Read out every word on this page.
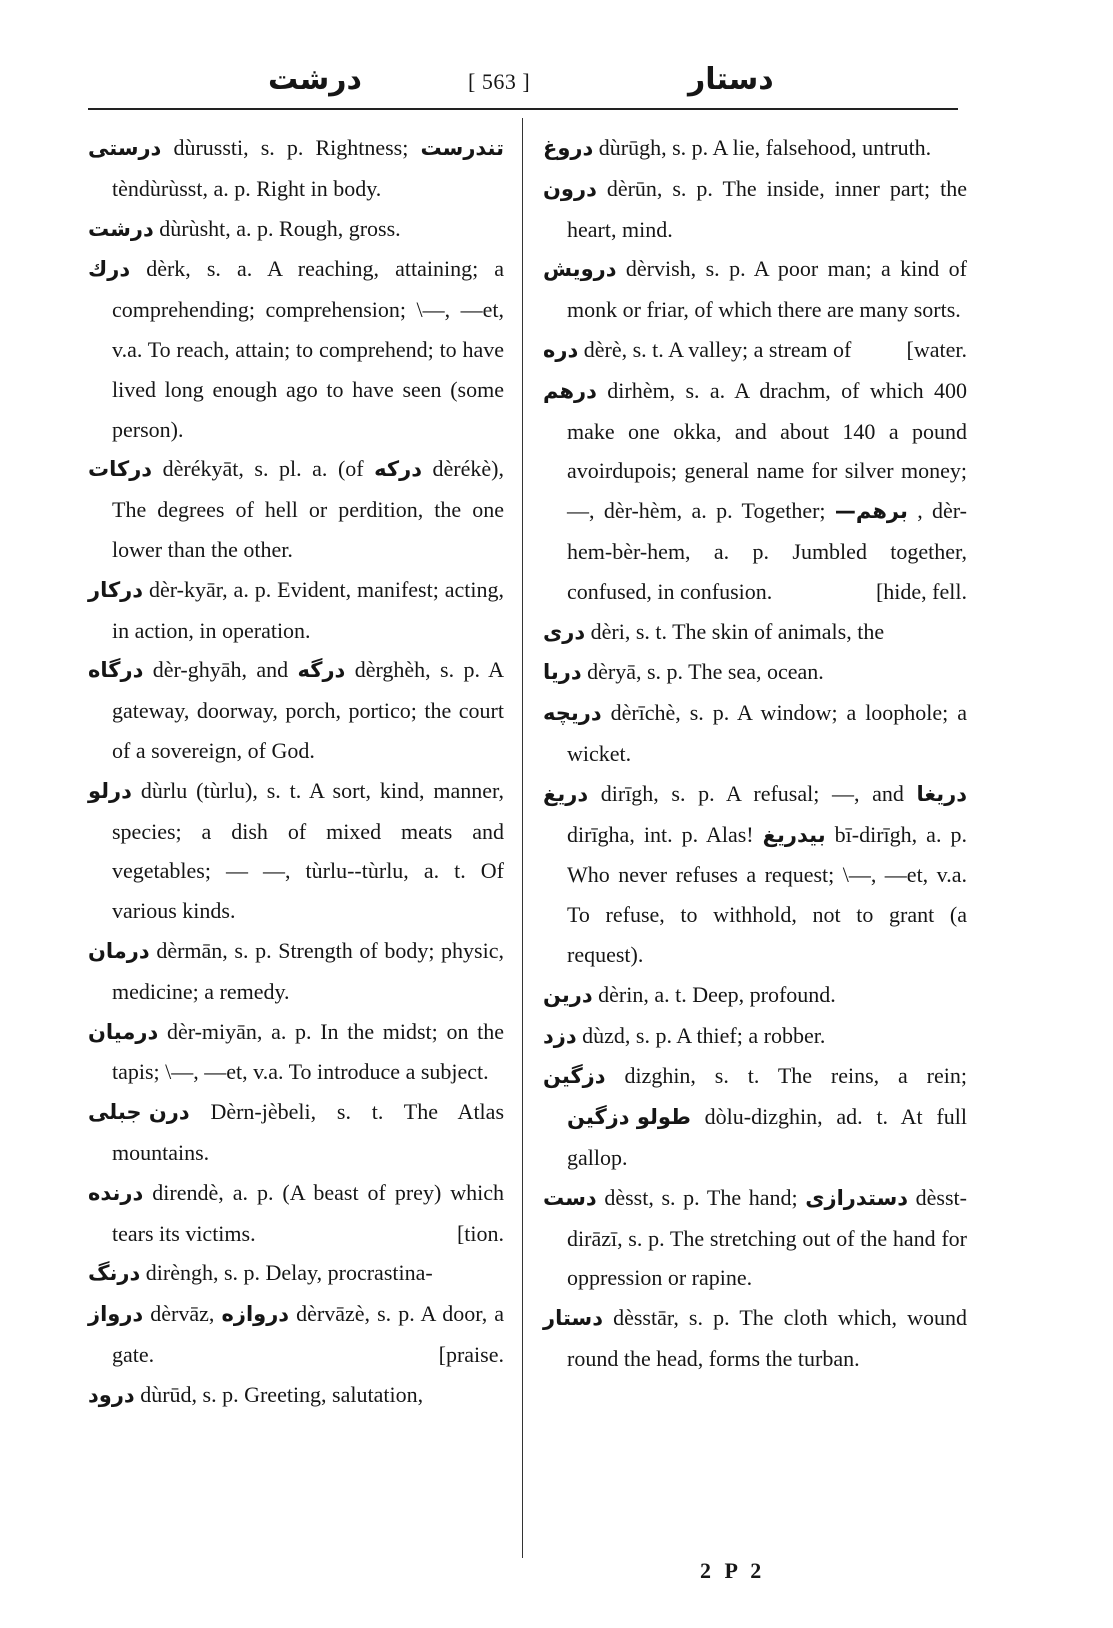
درشت	[ 563 ]	دستار

درستی dùrussti, s. p. Rightness; تندرست tèndùrùsst, a. p. Right in body.

درشت dùrùsht, a. p. Rough, gross.

درك dèrk, s. a. A reaching, attaining; a comprehending; comprehension; \—, —et, v.a. To reach, attain; to comprehend; to have lived long enough ago to have seen (some person).

دركات dèrékyāt, s. pl. a. (of دركه dèrékè), The degrees of hell or perdition, the one lower than the other.

دركار dèr-kyār, a. p. Evident, manifest; acting, in action, in operation.

درگاه dèr-ghyāh, and درگه dèrghèh, s. p. A gateway, doorway, porch, portico; the court of a sovereign, of God.

درلو dùrlu (tùrlu), s. t. A sort, kind, manner, species; a dish of mixed meats and vegetables; — —, tùrlu--tùrlu, a. t. Of various kinds.

درمان dèrmān, s. p. Strength of body; physic, medicine; a remedy.

درميان dèr-miyān, a. p. In the midst; on the tapis; \—, —et, v.a. To introduce a subject.

درن جبلی Dèrn-jèbeli, s. t. The Atlas mountains.

درنده direndè, a. p. (A beast of prey) which tears its victims.	[tion.

درنگ dirèngh, s. p. Delay, procrastina-

درواز dèrvāz, دروازه dèrvāzè, s. p. A door, a gate.	[praise.

درود dùrūd, s. p. Greeting, salutation,

دروغ dùrūgh, s. p. A lie, falsehood, untruth.

درون dèrūn, s. p. The inside, inner part; the heart, mind.

درويش dèrvish, s. p. A poor man; a kind of monk or friar, of which there are many sorts.
[water.

دره dèrè, s. t. A valley; a stream of

درهم dirhèm, s. a. A drachm, of which 400 make one okka, and about 140 a pound avoirdupois; general name for silver money; —, dèr-hèm, a. p. Together; برهم— , dèr-hem-bèr-hem, a. p. Jumbled together, confused, in confusion.	[hide, fell.

دری dèri, s. t. The skin of animals, the

دريا dèryā, s. p. The sea, ocean.

دريچه dèrīchè, s. p. A window; a loophole; a wicket.

دريغ dirīgh, s. p. A refusal; —, and دريغا dirīgha, int. p. Alas! بيدريغ bī-dirīgh, a. p. Who never refuses a request; \—, —et, v.a. To refuse, to withhold, not to grant (a request).

درين dèrin, a. t. Deep, profound.

دزد dùzd, s. p. A thief; a robber.

دزگين dizghin, s. t. The reins, a rein; طولو دزگين dòlu-dizghin, ad. t. At full gallop.

دست dèsst, s. p. The hand; دستدرازی dèsst-dirāzī, s. p. The stretching out of the hand for oppression or rapine.

دستار dèsstār, s. p. The cloth which, wound round the head, forms the turban.

2 P 2
